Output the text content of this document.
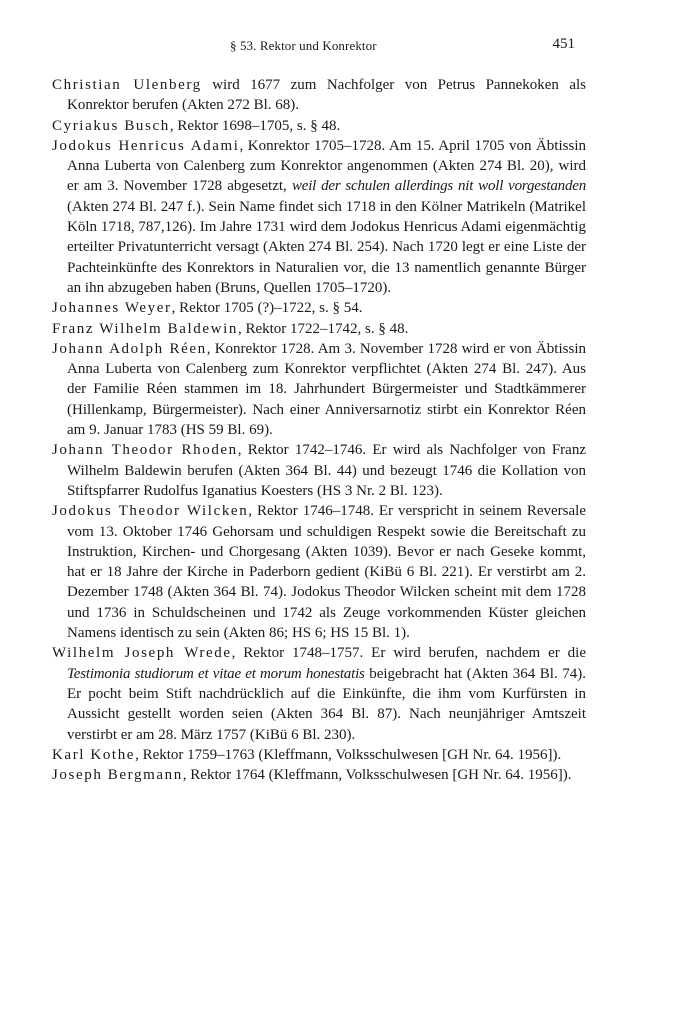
§ 53. Rektor und Konrektor	451

Christian Ulenberg wird 1677 zum Nachfolger von Petrus Pannekoken als Konrektor berufen (Akten 272 Bl. 68).

Cyriakus Busch, Rektor 1698–1705, s. § 48.

Jodokus Henricus Adami, Konrektor 1705–1728. Am 15. April 1705 von Äbtissin Anna Luberta von Calenberg zum Konrektor angenommen (Akten 274 Bl. 20), wird er am 3. November 1728 abgesetzt, weil der schulen allerdings nit woll vorgestanden (Akten 274 Bl. 247 f.). Sein Name findet sich 1718 in den Kölner Matrikeln (Matrikel Köln 1718, 787,126). Im Jahre 1731 wird dem Jodokus Henricus Adami eigenmächtig erteilter Privatunterricht versagt (Akten 274 Bl. 254). Nach 1720 legt er eine Liste der Pachteinkünfte des Konrektors in Naturalien vor, die 13 namentlich genannte Bürger an ihn abzugeben haben (Bruns, Quellen 1705–1720).

Johannes Weyer, Rektor 1705 (?)–1722, s. § 54.

Franz Wilhelm Baldewin, Rektor 1722–1742, s. § 48.

Johann Adolph Réen, Konrektor 1728. Am 3. November 1728 wird er von Äbtissin Anna Luberta von Calenberg zum Konrektor verpflichtet (Akten 274 Bl. 247). Aus der Familie Réen stammen im 18. Jahrhundert Bürgermeister und Stadtkämmerer (Hillenkamp, Bürgermeister). Nach einer Anniversarnotiz stirbt ein Konrektor Réen am 9. Januar 1783 (HS 59 Bl. 69).

Johann Theodor Rhoden, Rektor 1742–1746. Er wird als Nachfolger von Franz Wilhelm Baldewin berufen (Akten 364 Bl. 44) und bezeugt 1746 die Kollation von Stiftspfarrer Rudolfus Iganatius Koesters (HS 3 Nr. 2 Bl. 123).

Jodokus Theodor Wilcken, Rektor 1746–1748. Er verspricht in seinem Reversale vom 13. Oktober 1746 Gehorsam und schuldigen Respekt sowie die Bereitschaft zu Instruktion, Kirchen- und Chorgesang (Akten 1039). Bevor er nach Geseke kommt, hat er 18 Jahre der Kirche in Paderborn gedient (KiBü 6 Bl. 221). Er verstirbt am 2. Dezember 1748 (Akten 364 Bl. 74). Jodokus Theodor Wilcken scheint mit dem 1728 und 1736 in Schuldscheinen und 1742 als Zeuge vorkommenden Küster gleichen Namens identisch zu sein (Akten 86; HS 6; HS 15 Bl. 1).

Wilhelm Joseph Wrede, Rektor 1748–1757. Er wird berufen, nachdem er die Testimonia studiorum et vitae et morum honestatis beigebracht hat (Akten 364 Bl. 74). Er pocht beim Stift nachdrücklich auf die Einkünfte, die ihm vom Kurfürsten in Aussicht gestellt worden seien (Akten 364 Bl. 87). Nach neunjähriger Amtszeit verstirbt er am 28. März 1757 (KiBü 6 Bl. 230).

Karl Kothe, Rektor 1759–1763 (Kleffmann, Volksschulwesen [GH Nr. 64. 1956]).

Joseph Bergmann, Rektor 1764 (Kleffmann, Volksschulwesen [GH Nr. 64. 1956]).
